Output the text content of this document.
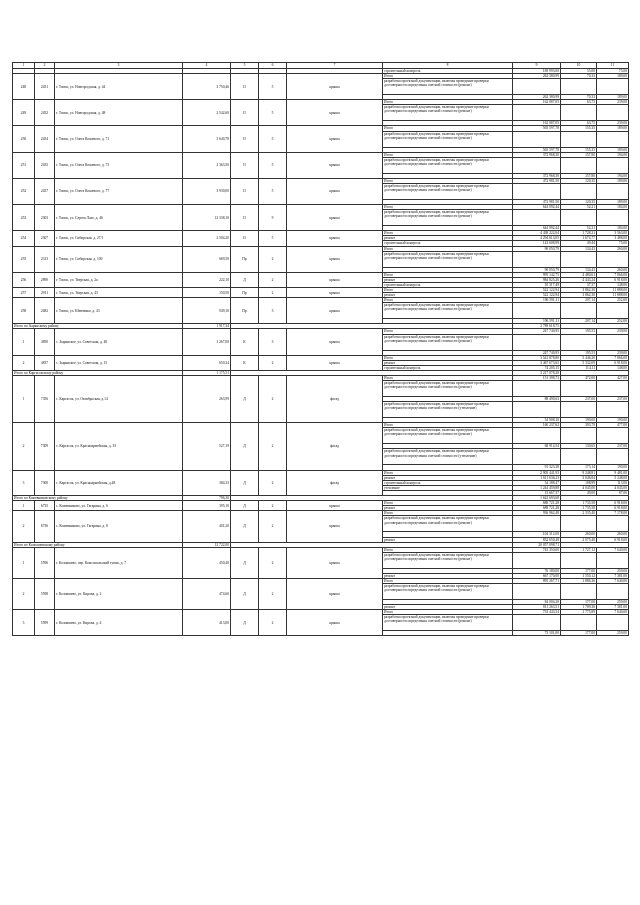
1	2	3	4	5	6	7	8	9	10	11
							строительный контроль	169 993,00	55,08	75,00
248	2451	г. Томск, ул. Новгородская, д. 44	3 750,46	II	5	крыша	Итого	262 380,99	70,33	189,00
							разработка проектной документации, включая проведение проверки достоверности определения сметной стоимости (ремонт)			
								262 380,99	70,33	189,00
249	2452	г. Томск, ул. Новгородская, д. 48	2 542,60	II	5	крыша	Итого	162 087,05	63,75	239,00
							разработка проектной документации, включая проведение проверки достоверности определения сметной стоимости (ремонт)			
								162 087,05	63,75	239,00
250	2454	г. Томск, ул. Олега Кошевого, д. 71	3 640,78	II	5	крыша	Итого	565 597,78	155,35	189,00
							разработка проектной документации, включая проведение проверки достоверности определения сметной стоимости (ремонт)			
								565 597,78	155,35	189,00
251	2455	г. Томск, ул. Олега Кошевого, д. 73	2 363,50	II	5	крыша	Итого	372 968,30	157,80	194,00
							разработка проектной документации, включая проведение проверки достоверности определения сметной стоимости (ремонт)			
								372 968,30	157,80	194,00
252	2457	г. Томск, ул. Олега Кошевого, д. 77	3 930,00	II	5	крыша	Итого	472 981,50	120,35	189,00
							разработка проектной документации, включая проведение проверки достоверности определения сметной стоимости (ремонт)			
								472 981,50	120,35	189,00
253	2303	г. Томск, ул. Сергея Лазо, д. 46	12 338,10	II	9	крыша	Итого	644 092,44	52,21	184,00
							разработка проектной документации, включая проведение проверки достоверности определения сметной стоимости (ремонт)			
								644 092,44	52,21	184,00
254	2307	г. Томск, ул. Сибирская, д. 27/1	2 504,20	II	5	крыша	Итого	4 438 222,04	1 728,21	3 563,00
							ремонт	4 294 613,05	1 674,77	3 488,00
							строительный контроль	143 608,99	49,44	75,00
255	2313	г. Томск, ул. Сибирская, д. 100	669,50	Пр	2	крыша	Итого	90 050,79	134,43	260,00
							разработка проектной документации, включая проведение проверки достоверности определения сметной стоимости (ремонт)			
								90 050,79	134,43	260,00
256	2890	г. Томск, ул. Тверская, д. 2а	222,10	Д	2	крыша	Итого	995 142,75	4 480,61	7 066,00
							ремонт	984 825,26	4 443,24	6 918,00
							строительный контроль	10 317,49	37,37	148,00
257	2911	г. Томск, ул. Тверская, д. 43	150,50	Пр	2	крыша	Итого	522 122,94	3 862,30	11 888,00
							ремонт	522 122,94	3 862,30	11 888,00
258	2482	г. Томск, ул. Шевченко, д. 43	949,10	Пр	3	крыша	Итого	196 591,11	207,14	252,00
							разработка проектной документации, включая проведение проверки достоверности определения сметной стоимости (ремонт)			
								196 591,11	207,14	252,00
Итого по Зырянскому району			1 917,34					3 789 618,75		
1	4850	с. Зырянское, ул. Советская, д. 40	1 267,00	К	3	крыша	Итого	247 740,95	195,53	239,00
							разработка проектной документации, включая проведение проверки достоверности определения сметной стоимости (ремонт)			
								247 740,95	195,53	239,00
2	4837	с. Зырянское, ул. Советская, д. 15	650,34	К	2	крыша	Итого	3 541 878,80	5 446,20	7 066,00
							ремонт	3 467 673,65	5 332,09	6 918,00
							строительный контроль	74 205,15	114,11	148,00
Итого по Каргасокскому району			1 175,51					3 217 078,28		
1	7356	с. Каргасок, ул. Октябрьская, д.14	263,99	Д	2	фасад	Итого	151 398,73	472,00	427,00
							разработка проектной документации, включая проведение проверки достоверности определения сметной стоимости (ремонт)			
								88 490,63	237,00	237,00
							разработка проектной документации, включая проведение проверки достоверности определения сметной стоимости (утепление)			
								54 908,10	190,00	190,00
2	7309	с. Каргасок, ул. Красноармейская, д. 35	527,19	Д	2	фасад	Итого	160 237,62	303,79	477,00
							разработка проектной документации, включая проведение проверки достоверности определения сметной стоимости (ремонт)			
								68 914,54	130,65	237,00
							разработка проектной документации, включая проведение проверки достоверности определения сметной стоимости (утепление)			
								91 323,38	173,14	190,00
3	7300	с. Каргасок, ул. Красноармейская, д.48	384,33	Д	2	фасад	Итого	2 905 441,93	9 248,81	9 481,00
							ремонт	1 611 636,23	3 046,84	5 248,00
							строительный контроль	34 188,47	108,99	113,00
							утепление	1 244 459,88	4 045,00	4 045,00
								15 667,37	49,00	87,00
Итого по Кожевниковскому району			796,30					1 622 693,68		
1	6735	с. Кожевниково, ул. Гагарина, д. 6	395,10	Д	2	крыша	Итого	688 721,28	1 735,58	6 918,00
							ремонт	688 721,28	1 735,58	6 918,00
2	6736	с. Кожевниково, ул. Гагарина, д. 8	401,20	Д	2	крыша	Итого	936 962,48	2 335,40	7 178,00
							разработка проектной документации, включая проведение проверки достоверности определения сметной стоимости (ремонт)			
								104 312,00	260,00	260,00
							ремонт	832 650,48	2 075,40	6 918,00
Итого по Колпашевскому району			12 722,00					20 057 098,71		
1	5596	г. Колпашево, пер. Комсомольский тупик, д. 7	450,40	Д	2	крыша	Итого	743 350,00	1 727,12	7 640,00
							разработка проектной документации, включая проведение проверки достоверности определения сметной стоимости (ремонт)			
								76 180,00	177,00	259,00
							ремонт	667 170,00	1 550,12	7 381,00
2	5598	г. Колпашево, ул. Кирова, д. 2	474,60	Д	2	крыша	Итого	895 267,71	1 886,36	7 640,00
							разработка проектной документации, включая проведение проверки достоверности определения сметной стоимости (ремонт)			
								84 004,20	177,00	259,00
							ремонт	811 263,51	1 709,36	7 381,00
3	5599	г. Колпашево, ул. Кирова, д. 4	413,00	Д	2	крыша	Итого	733 443,54	1 775,89	7 640,00
							разработка проектной документации, включая проведение проверки достоверности определения сметной стоимости (ремонт)			
								73 101,00	177,00	259,00
